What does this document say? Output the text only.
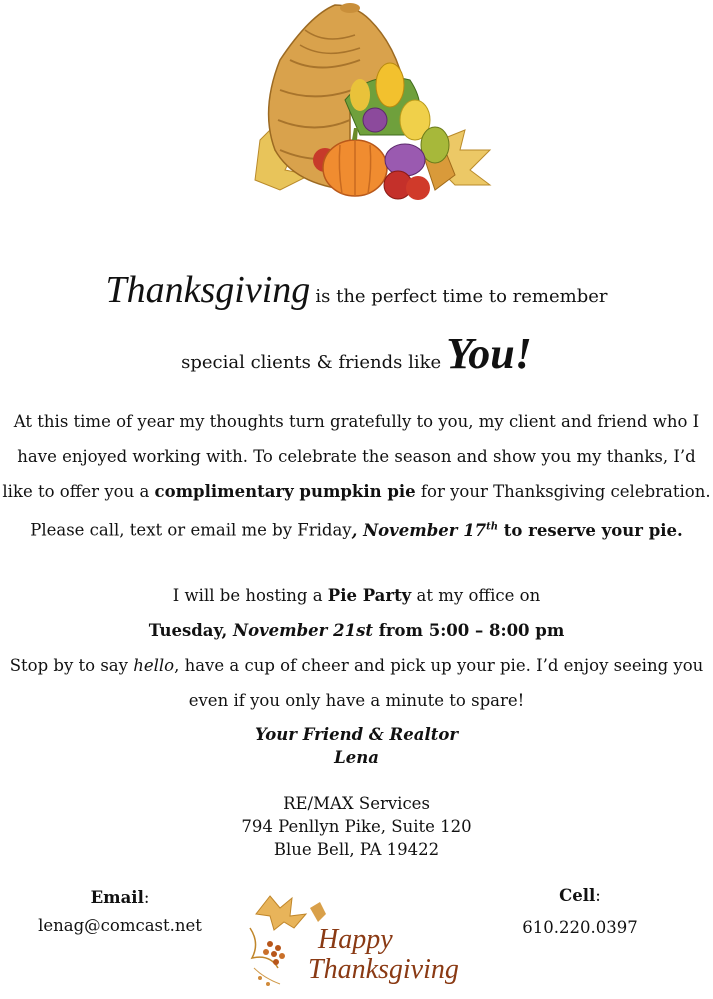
Thanksgiving is the perfect time to remember
special clients & friends like You!
At this time of year my thoughts turn gratefully to you, my client and friend who I
have enjoyed working with. To celebrate the season and show you my thanks, I’d
like to offer you a complimentary pumpkin pie for your Thanksgiving celebration.
Please call, text or email me by Friday, November 17th to reserve your pie.
I will be hosting a Pie Party at my office on
Tuesday, November 21st from 5:00 – 8:00 pm
Stop by to say hello, have a cup of cheer and pick up your pie. I’d enjoy seeing you
even if you only have a minute to spare!
Your Friend & Realtor
Lena
RE/MAX Services
794 Penllyn Pike, Suite 120
Blue Bell, PA 19422
Email:
lenag@comcast.net
Cell:
610.220.0397
Happy
Thanksgiving
